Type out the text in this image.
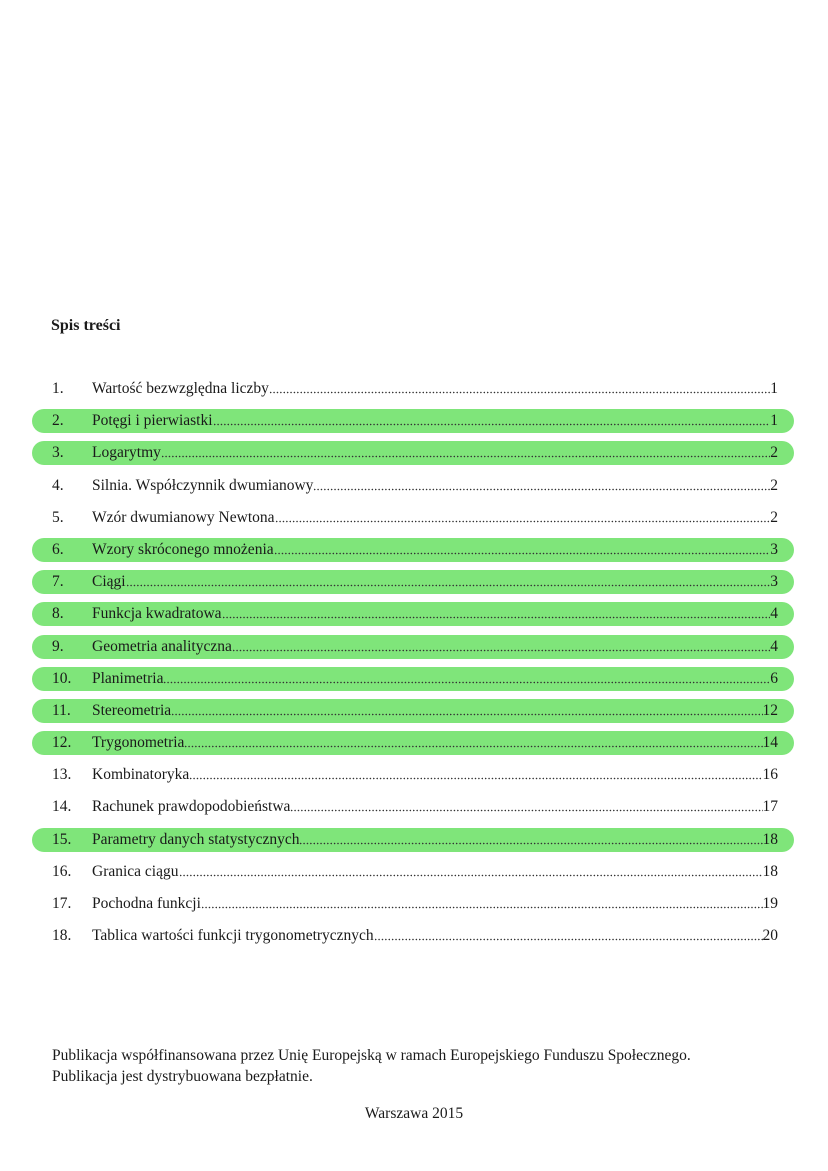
Spis treści
1.	Wartość bezwzględna liczby	1
2.	Potęgi i pierwiastki	1
3.	Logarytmy	2
4.	Silnia. Współczynnik dwumianowy	2
5.	Wzór dwumianowy Newtona	2
6.	Wzory skróconego mnożenia	3
7.	Ciągi	3
8.	Funkcja kwadratowa	4
9.	Geometria analityczna	4
10.	Planimetria	6
11.	Stereometria	12
12.	Trygonometria	14
13.	Kombinatoryka	16
14.	Rachunek prawdopodobieństwa	17
15.	Parametry danych statystycznych	18
16.	Granica ciągu	18
17.	Pochodna funkcji	19
18.	Tablica wartości funkcji trygonometrycznych	20

Publikacja współfinansowana przez Unię Europejską w ramach Europejskiego Funduszu Społecznego.
Publikacja jest dystrybuowana bezpłatnie.

Warszawa 2015
